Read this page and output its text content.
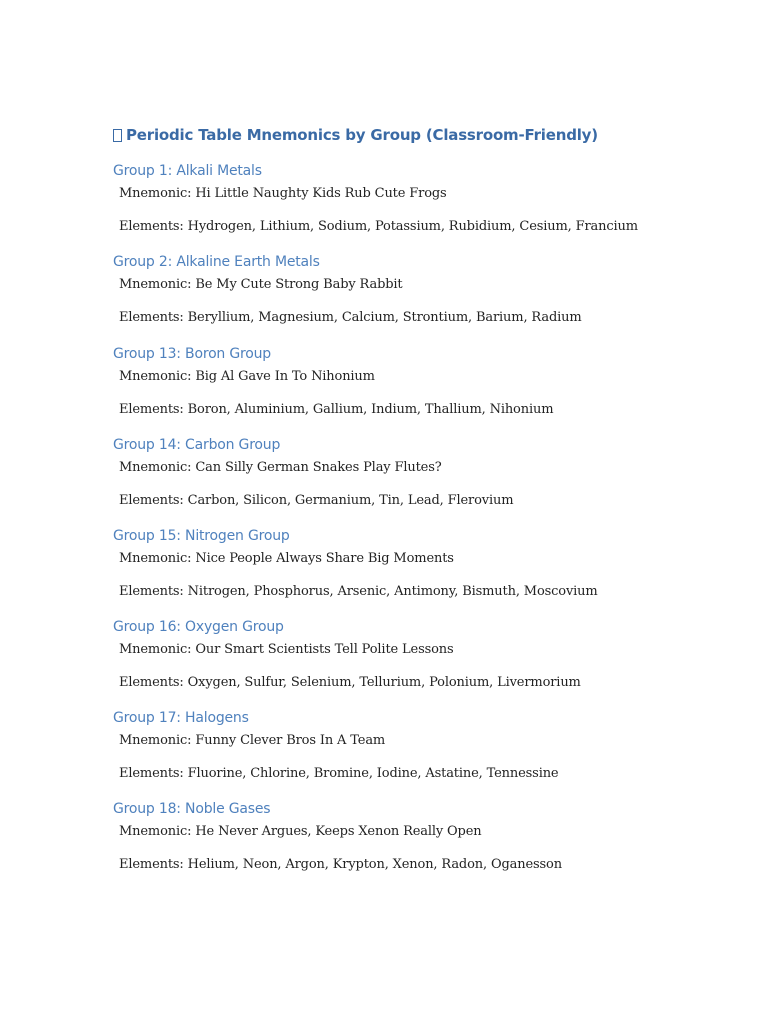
Periodic Table Mnemonics by Group (Classroom-Friendly)
Group 1: Alkali Metals

Mnemonic: Hi Little Naughty Kids Rub Cute Frogs

Elements: Hydrogen, Lithium, Sodium, Potassium, Rubidium, Cesium, Francium

Group 2: Alkaline Earth Metals

Mnemonic: Be My Cute Strong Baby Rabbit

Elements: Beryllium, Magnesium, Calcium, Strontium, Barium, Radium

Group 13: Boron Group

Mnemonic: Big Al Gave In To Nihonium

Elements: Boron, Aluminium, Gallium, Indium, Thallium, Nihonium

Group 14: Carbon Group

Mnemonic: Can Silly German Snakes Play Flutes?

Elements: Carbon, Silicon, Germanium, Tin, Lead, Flerovium

Group 15: Nitrogen Group

Mnemonic: Nice People Always Share Big Moments

Elements: Nitrogen, Phosphorus, Arsenic, Antimony, Bismuth, Moscovium

Group 16: Oxygen Group

Mnemonic: Our Smart Scientists Tell Polite Lessons

Elements: Oxygen, Sulfur, Selenium, Tellurium, Polonium, Livermorium

Group 17: Halogens

Mnemonic: Funny Clever Bros In A Team

Elements: Fluorine, Chlorine, Bromine, Iodine, Astatine, Tennessine

Group 18: Noble Gases

Mnemonic: He Never Argues, Keeps Xenon Really Open

Elements: Helium, Neon, Argon, Krypton, Xenon, Radon, Oganesson
